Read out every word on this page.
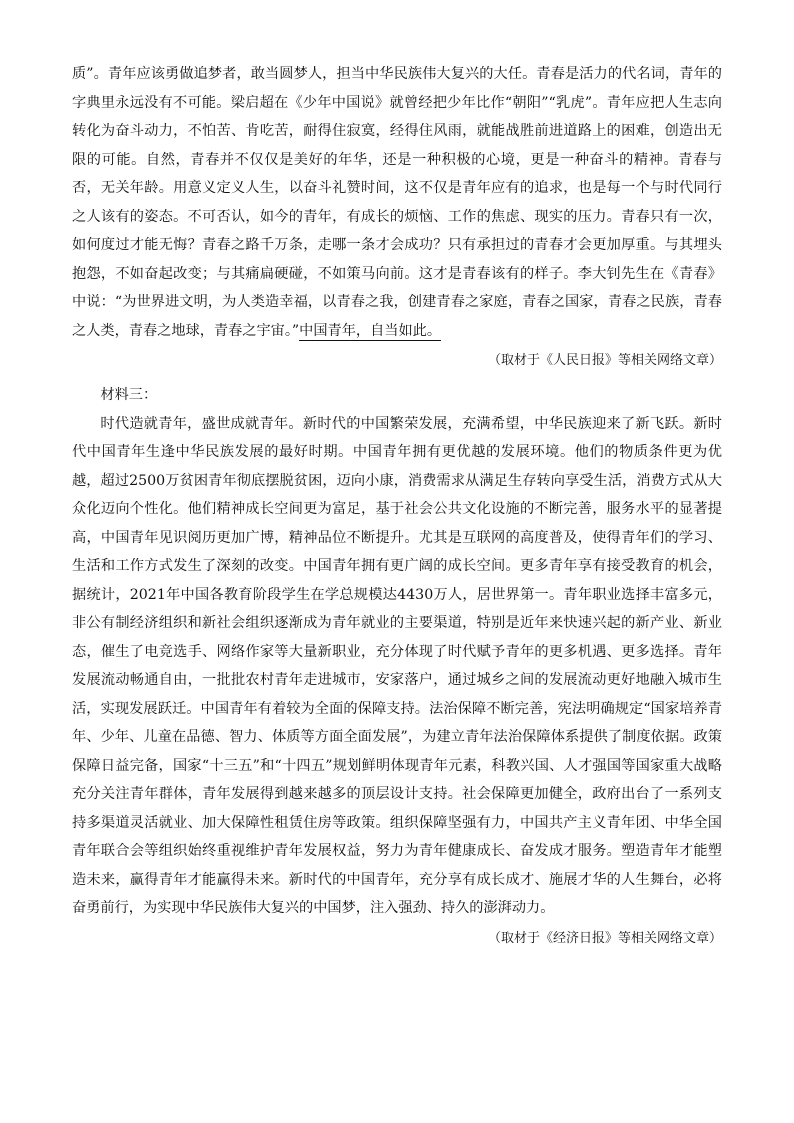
质”。青年应该勇做追梦者，敢当圆梦人，担当中华民族伟大复兴的大任。青春是活力的代名词，青年的字典里永远没有不可能。梁启超在《少年中国说》就曾经把少年比作“朝阳”“乳虎”。青年应把人生志向转化为奋斗动力，不怕苦、肯吃苦，耐得住寂寞，经得住风雨，就能战胜前进道路上的困难，创造出无限的可能。自然，青春并不仅仅是美好的年华，还是一种积极的心境，更是一种奋斗的精神。青春与否，无关年龄。用意义定义人生，以奋斗礼赞时间，这不仅是青年应有的追求，也是每一个与时代同行之人该有的姿态。不可否认，如今的青年，有成长的烦恼、工作的焦虑、现实的压力。青春只有一次，如何度过才能无悔？青春之路千万条，走哪一条才会成功？只有承担过的青春才会更加厚重。与其埋头抱怨，不如奋起改变；与其痛扁硬碰，不如策马向前。这才是青春该有的样子。李大钊先生在《青春》中说：“为世界进文明，为人类造幸福，以青春之我，创建青春之家庭，青春之国家，青春之民族，青春之人类，青春之地球，青春之宇宙。”中国青年，自当如此。

（取材于《人民日报》等相关网络文章）

材料三：

时代造就青年，盛世成就青年。新时代的中国繁荣发展，充满希望，中华民族迎来了新飞跃。新时代中国青年生逢中华民族发展的最好时期。中国青年拥有更优越的发展环境。他们的物质条件更为优越，超过2500万贫困青年彻底摆脱贫困，迈向小康，消费需求从满足生存转向享受生活，消费方式从大众化迈向个性化。他们精神成长空间更为富足，基于社会公共文化设施的不断完善，服务水平的显著提高，中国青年见识阅历更加广博，精神品位不断提升。尤其是互联网的高度普及，使得青年们的学习、生活和工作方式发生了深刻的改变。中国青年拥有更广阔的成长空间。更多青年享有接受教育的机会，据统计，2021年中国各教育阶段学生在学总规模达4430万人，居世界第一。青年职业选择丰富多元，非公有制经济组织和新社会组织逐渐成为青年就业的主要渠道，特别是近年来快速兴起的新产业、新业态，催生了电竞选手、网络作家等大量新职业，充分体现了时代赋予青年的更多机遇、更多选择。青年发展流动畅通自由，一批批农村青年走进城市，安家落户，通过城乡之间的发展流动更好地融入城市生活，实现发展跃迁。中国青年有着较为全面的保障支持。法治保障不断完善，宪法明确规定“国家培养青年、少年、儿童在品德、智力、体质等方面全面发展”，为建立青年法治保障体系提供了制度依据。政策保障日益完备，国家“十三五”和“十四五”规划鲜明体现青年元素，科教兴国、人才强国等国家重大战略充分关注青年群体，青年发展得到越来越多的顶层设计支持。社会保障更加健全，政府出台了一系列支持多渠道灵活就业、加大保障性租赁住房等政策。组织保障坚强有力，中国共产主义青年团、中华全国青年联合会等组织始终重视维护青年发展权益，努力为青年健康成长、奋发成才服务。塑造青年才能塑造未来，赢得青年才能赢得未来。新时代的中国青年，充分享有成长成才、施展才华的人生舞台，必将奋勇前行，为实现中华民族伟大复兴的中国梦，注入强劲、持久的澎湃动力。

（取材于《经济日报》等相关网络文章）
